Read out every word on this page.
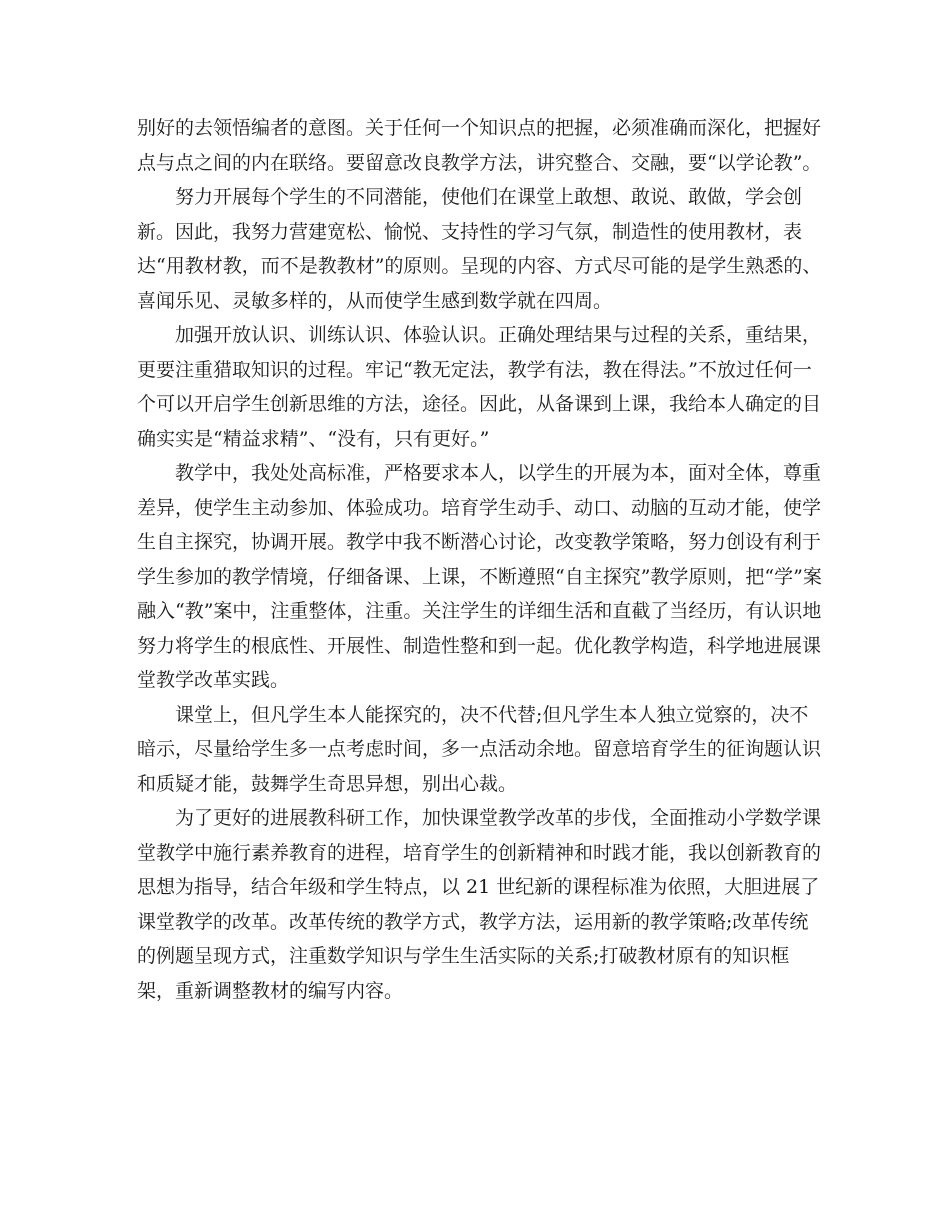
别好的去领悟编者的意图。关于任何一个知识点的把握，必须准确而深化，把握好
点与点之间的内在联络。要留意改良教学方法，讲究整合、交融，要“以学论教”。
努力开展每个学生的不同潜能，使他们在课堂上敢想、敢说、敢做，学会创
新。因此，我努力营建宽松、愉悦、支持性的学习气氛，制造性的使用教材，表
达“用教材教，而不是教教材”的原则。呈现的内容、方式尽可能的是学生熟悉的、
喜闻乐见、灵敏多样的，从而使学生感到数学就在四周。
加强开放认识、训练认识、体验认识。正确处理结果与过程的关系，重结果，
更要注重猎取知识的过程。牢记“教无定法，教学有法，教在得法。”不放过任何一
个可以开启学生创新思维的方法，途径。因此，从备课到上课，我给本人确定的目
确实实是“精益求精”、“没有，只有更好。”
教学中，我处处高标准，严格要求本人，以学生的开展为本，面对全体，尊重
差异，使学生主动参加、体验成功。培育学生动手、动口、动脑的互动才能，使学
生自主探究，协调开展。教学中我不断潜心讨论，改变教学策略，努力创设有利于
学生参加的教学情境，仔细备课、上课，不断遵照“自主探究”教学原则，把“学”案
融入“教”案中，注重整体，注重。关注学生的详细生活和直截了当经历，有认识地
努力将学生的根底性、开展性、制造性整和到一起。优化教学构造，科学地进展课
堂教学改革实践。
课堂上，但凡学生本人能探究的，决不代替;但凡学生本人独立觉察的，决不
暗示，尽量给学生多一点考虑时间，多一点活动余地。留意培育学生的征询题认识
和质疑才能，鼓舞学生奇思异想，别出心裁。
为了更好的进展教科研工作，加快课堂教学改革的步伐，全面推动小学数学课
堂教学中施行素养教育的进程，培育学生的创新精神和时践才能，我以创新教育的
思想为指导，结合年级和学生特点，以 21 世纪新的课程标准为依照，大胆进展了
课堂教学的改革。改革传统的教学方式，教学方法，运用新的教学策略;改革传统
的例题呈现方式，注重数学知识与学生生活实际的关系;打破教材原有的知识框
架，重新调整教材的编写内容。
